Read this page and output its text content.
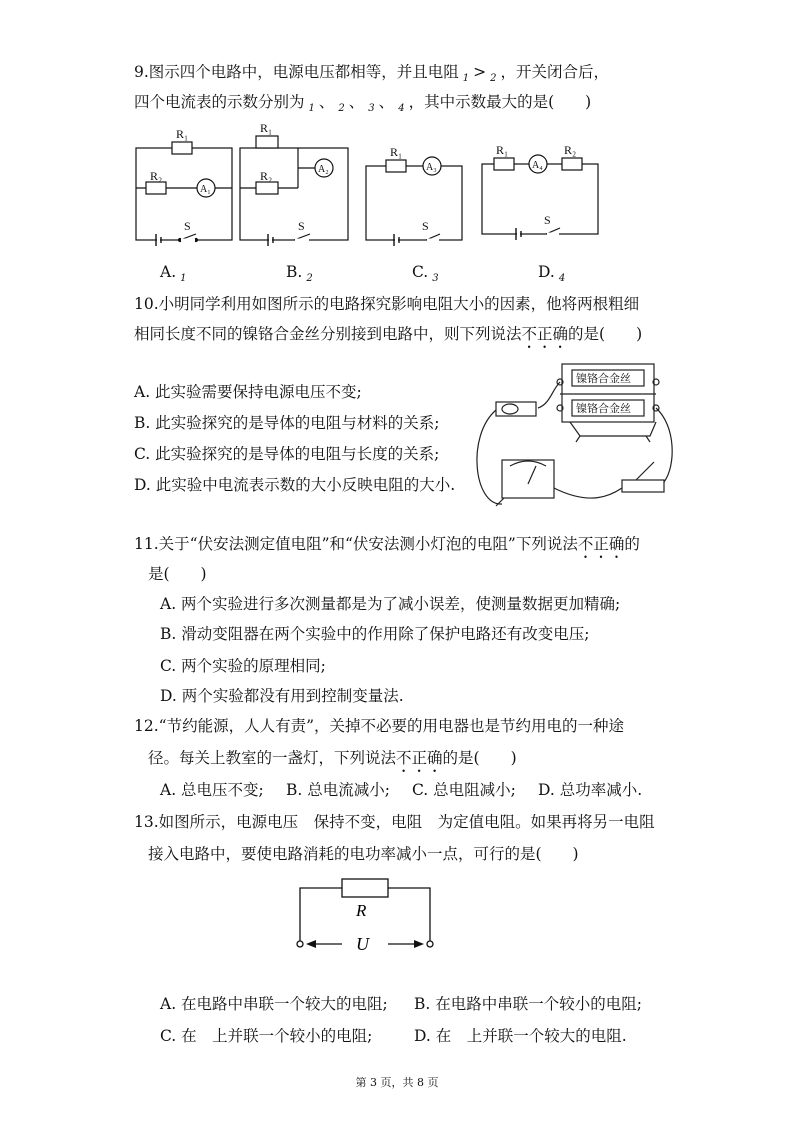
9.图示四个电路中，电源电压都相等，并且电阻 $_1$ > $_2$ ，开关闭合后，
四个电流表的示数分别为 $_1$ 、 $_2$ 、 $_3$ 、 $_4$ ，其中示数最大的是(　　)
R₁
R₂
A₁
S
R₁
R₂	A₂
S
R₁
A₃
S
R₁
A₄
R₂
S
A. $_1$	B. $_2$	C. $_3$	D. $_4$
10.小明同学利用如图所示的电路探究影响电阻大小的因素，他将两根粗细
相同长度不同的镍铬合金丝分别接到电路中，则下列说法不正确的是(　　)
A. 此实验需要保持电源电压不变;
B. 此实验探究的是导体的电阻与材料的关系;
C. 此实验探究的是导体的电阻与长度的关系;
D. 此实验中电流表示数的大小反映电阻的大小.
镍铬合金丝
镍铬合金丝
11.关于“伏安法测定值电阻”和“伏安法测小灯泡的电阻”下列说法不正确的
是(　　)
A. 两个实验进行多次测量都是为了减小误差，使测量数据更加精确;
B. 滑动变阻器在两个实验中的作用除了保护电路还有改变电压;
C. 两个实验的原理相同;
D. 两个实验都没有用到控制变量法.
12.“节约能源，人人有责”，关掉不必要的用电器也是节约用电的一种途
径。每关上教室的一盏灯，下列说法不正确的是(　　)
A. 总电压不变; B. 总电流减小; C. 总电阻减小; D. 总功率减小.
13.如图所示，电源电压　保持不变，电阻　为定值电阻。如果再将另一电阻
接入电路中，要使电路消耗的电功率减小一点，可行的是(　　)
R
U
A. 在电路中串联一个较大的电阻; B. 在电路中串联一个较小的电阻;
C. 在　上并联一个较小的电阻;	D. 在　上并联一个较大的电阻.
第 3 页，共 8 页
